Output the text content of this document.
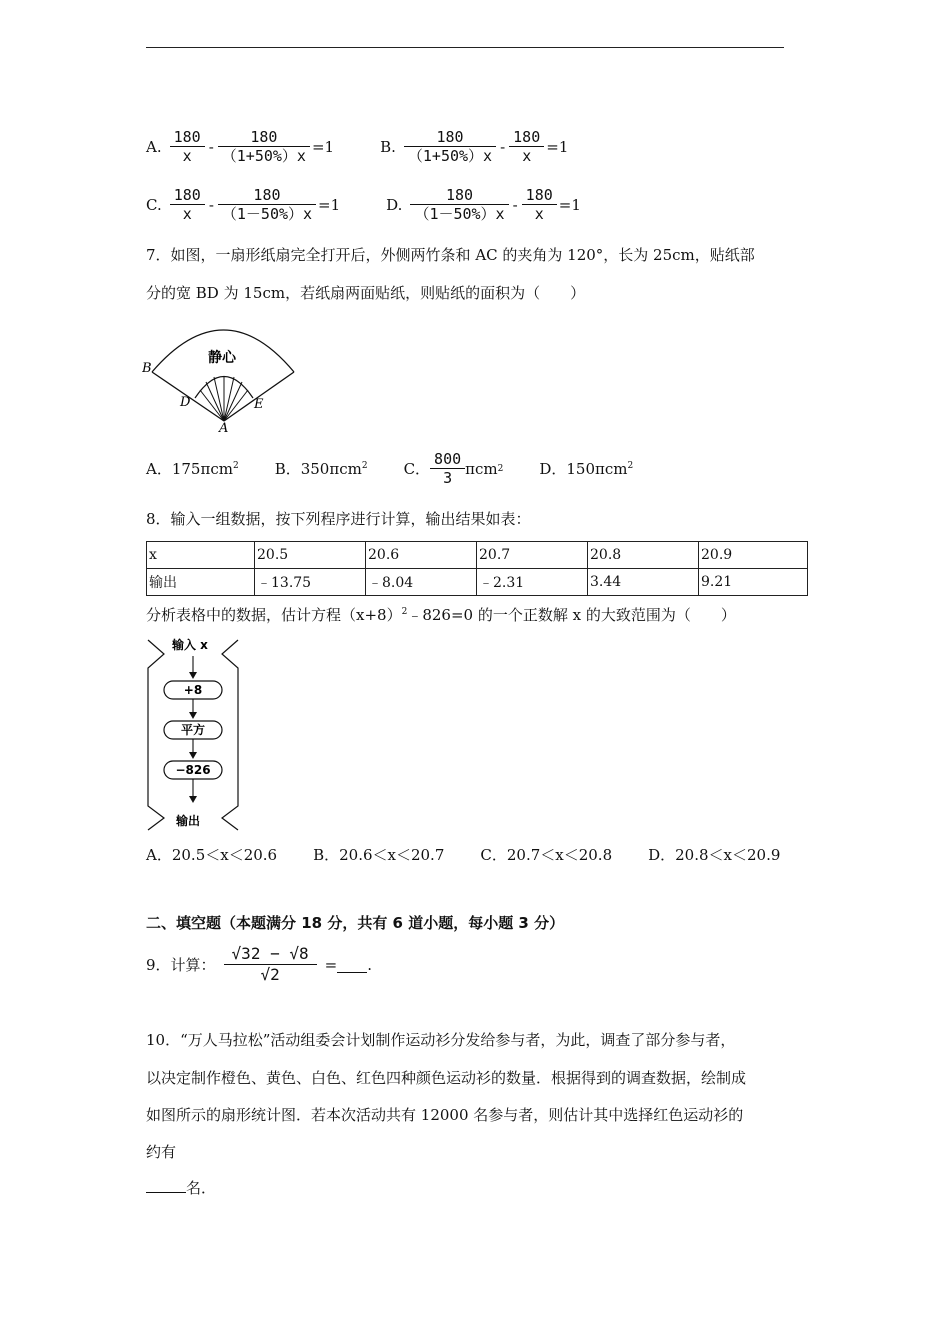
A. $\frac{180}{x} - \frac{180}{(1+50\%)x} =1$	B. $\frac{180}{(1+50\%)x} - \frac{180}{x} =1$
C. $\frac{180}{x} - \frac{180}{(1-50\%)x} =1$	D. $\frac{180}{(1-50\%)x} - \frac{180}{x} =1$
7．如图，一扇形纸扇完全打开后，外侧两竹条和 AC 的夹角为 120°，长为 25cm，贴纸部
分的宽 BD 为 15cm，若纸扇两面贴纸，则贴纸的面积为（　　）
静心
B
D	E
A
A．175πcm$^2$ B．350πcm$^2$ C． $\frac{800}{3}$ πcm 2 D．150πcm$^2$
8．输入一组数据，按下列程序进行计算，输出结果如表：
x	20.5	20.6	20.7	20.8	20.9
输出	﹣13.75	﹣8.04	﹣2.31	3.44	9.21
分析表格中的数据，估计方程$(x+8)^2﹣826=0$ 的一个正数解 x 的大致范围为（　　）
输入 x
+8
平方
−826
输出
A．20.5＜x＜20.6 B．20.6＜x＜20.7 C．20.7＜x＜20.8 D．20.8＜x＜20.9
二、填空题（本题满分 18 分，共有 6 道小题，每小题 3 分）
9．计算： $\frac{√32 - √8}{√2}$ = .
10．“万人马拉松”活动组委会计划制作运动衫分发给参与者，为此，调查了部分参与者，
以决定制作橙色、黄色、白色、红色四种颜色运动衫的数量．根据得到的调查数据，绘制成
如图所示的扇形统计图．若本次活动共有 12000 名参与者，则估计其中选择红色运动衫的
约有
名．
